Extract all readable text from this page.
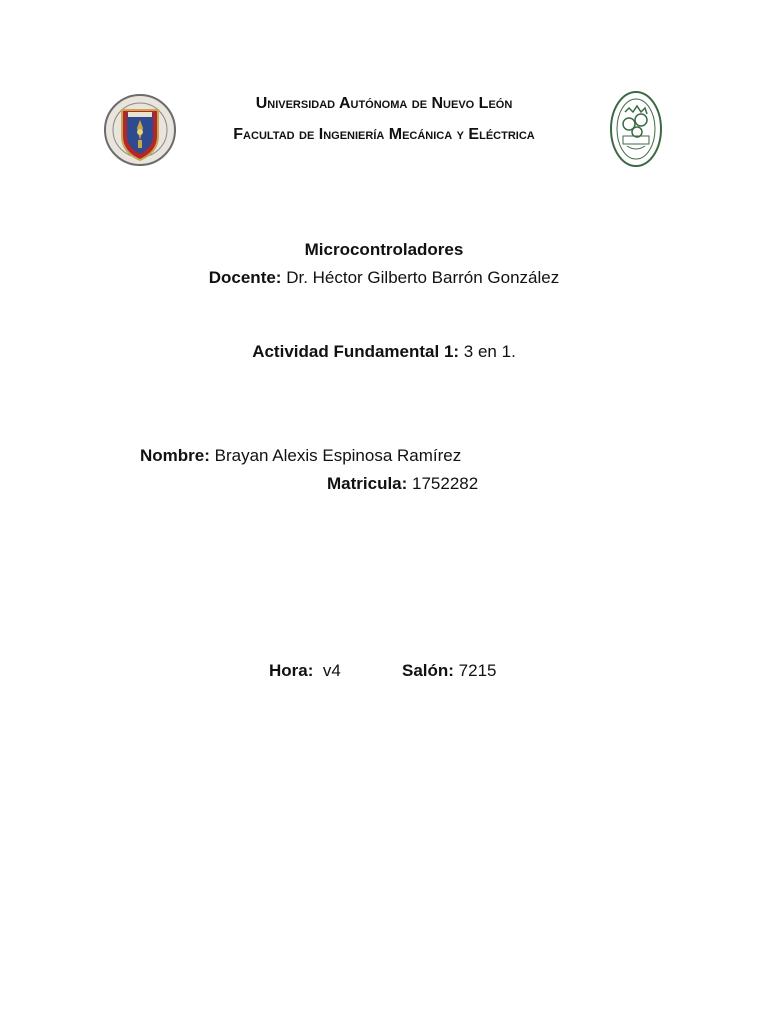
Universidad Autónoma de Nuevo León
Facultad de Ingeniería Mecánica y Eléctrica
Microcontroladores
Docente: Dr. Héctor Gilberto Barrón González
Actividad Fundamental 1: 3 en 1.
Nombre: Brayan Alexis Espinosa Ramírez
Matricula: 1752282
Hora:  v4	Salón: 7215
